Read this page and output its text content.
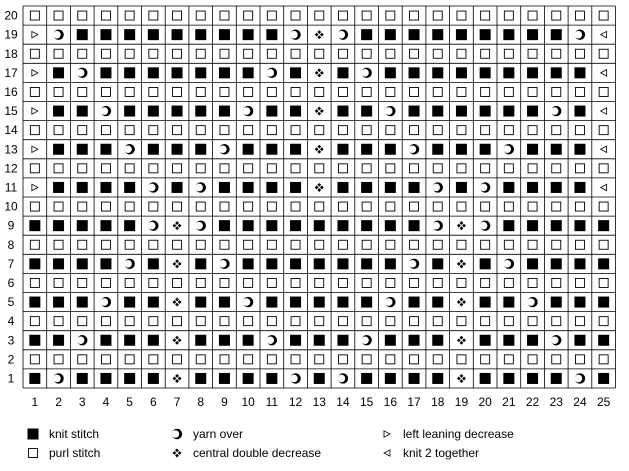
20
19
18
17
16
15
14
13
12
11
10
9
8
7
6
5
4
3
2
1
1 2 3 4 5 6 7 8 9 10 11 12 13 14 15 16 17 18 19 20 21 22 23 24 25
knit stitch
purl stitch
yarn over
central double decrease
left leaning decrease
knit 2 together
